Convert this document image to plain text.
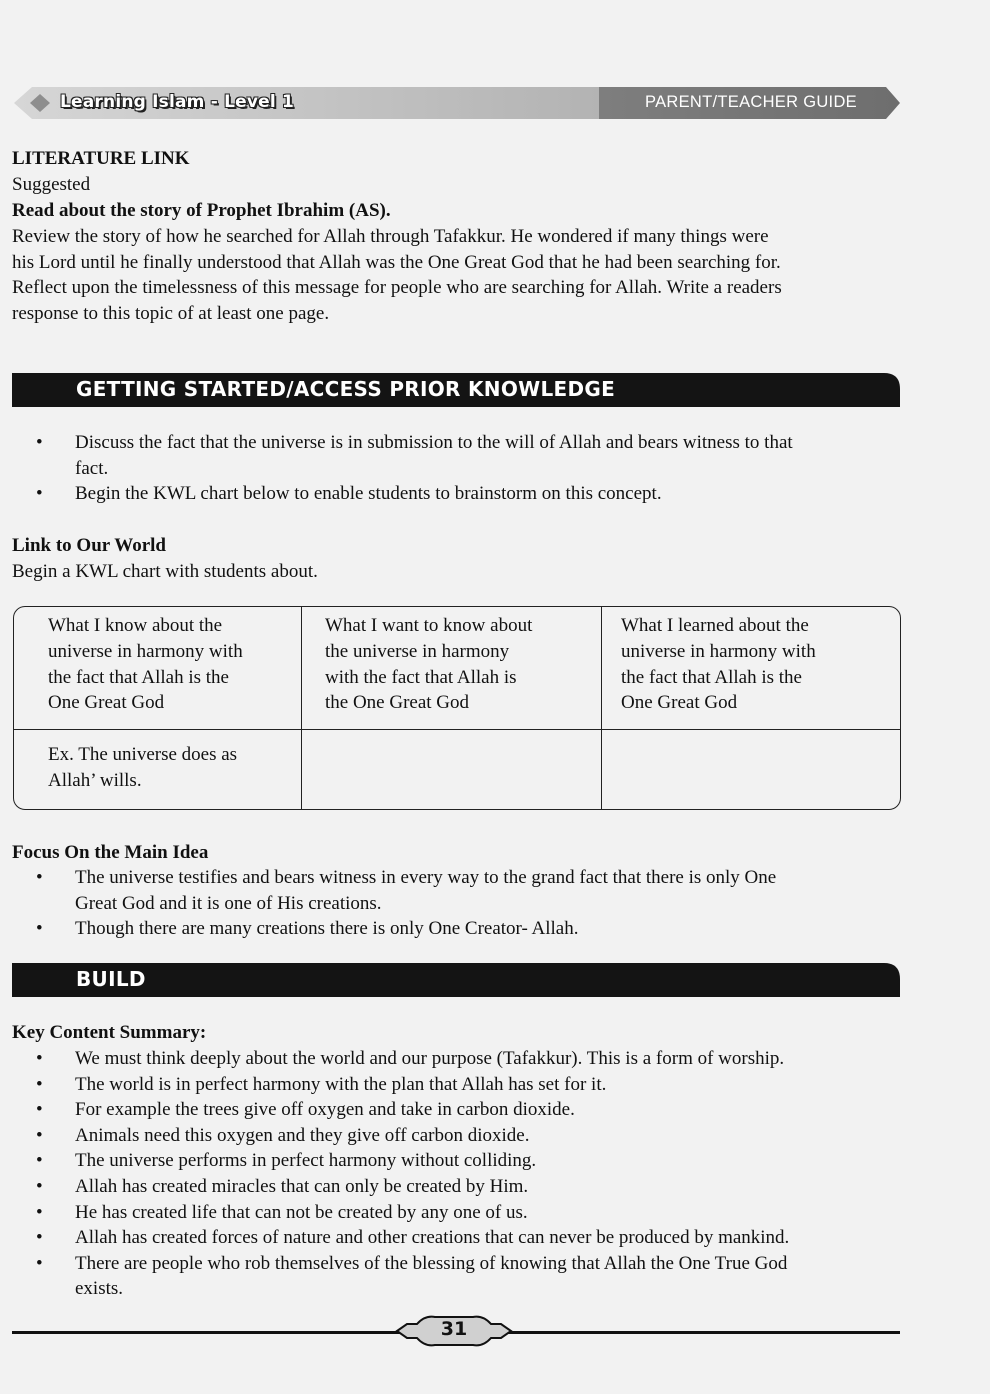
Learning Islam - Level 1	PARENT/TEACHER GUIDE
LITERATURE LINK
Suggested
Read about the story of Prophet Ibrahim (AS).
Review the story of how he searched for Allah through Tafakkur. He wondered if many things were
his Lord until he finally understood that Allah was the One Great God that he had been searching for.
Reflect upon the timelessness of this message for people who are searching for Allah. Write a readers
response to this topic of at least one page.
GETTING STARTED/ACCESS PRIOR KNOWLEDGE
• Discuss the fact that the universe is in submission to the will of Allah and bears witness to that
fact.
• Begin the KWL chart below to enable students to brainstorm on this concept.
Link to Our World
Begin a KWL chart with students about.
What I know about the
universe in harmony with
the fact that Allah is the
One Great God
What I want to know about
the universe in harmony
with the fact that Allah is
the One Great God
What I learned about the
universe in harmony with
the fact that Allah is the
One Great God
Ex. The universe does as
Allah’ wills.
Focus On the Main Idea
• The universe testifies and bears witness in every way to the grand fact that there is only One
Great God and it is one of His creations.
• Though there are many creations there is only One Creator- Allah.
BUILD
Key Content Summary:
• We must think deeply about the world and our purpose (Tafakkur). This is a form of worship.
• The world is in perfect harmony with the plan that Allah has set for it.
• For example the trees give off oxygen and take in carbon dioxide.
• Animals need this oxygen and they give off carbon dioxide.
• The universe performs in perfect harmony without colliding.
• Allah has created miracles that can only be created by Him.
• He has created life that can not be created by any one of us.
• Allah has created forces of nature and other creations that can never be produced by mankind.
• There are people who rob themselves of the blessing of knowing that Allah the One True God
exists.
31
